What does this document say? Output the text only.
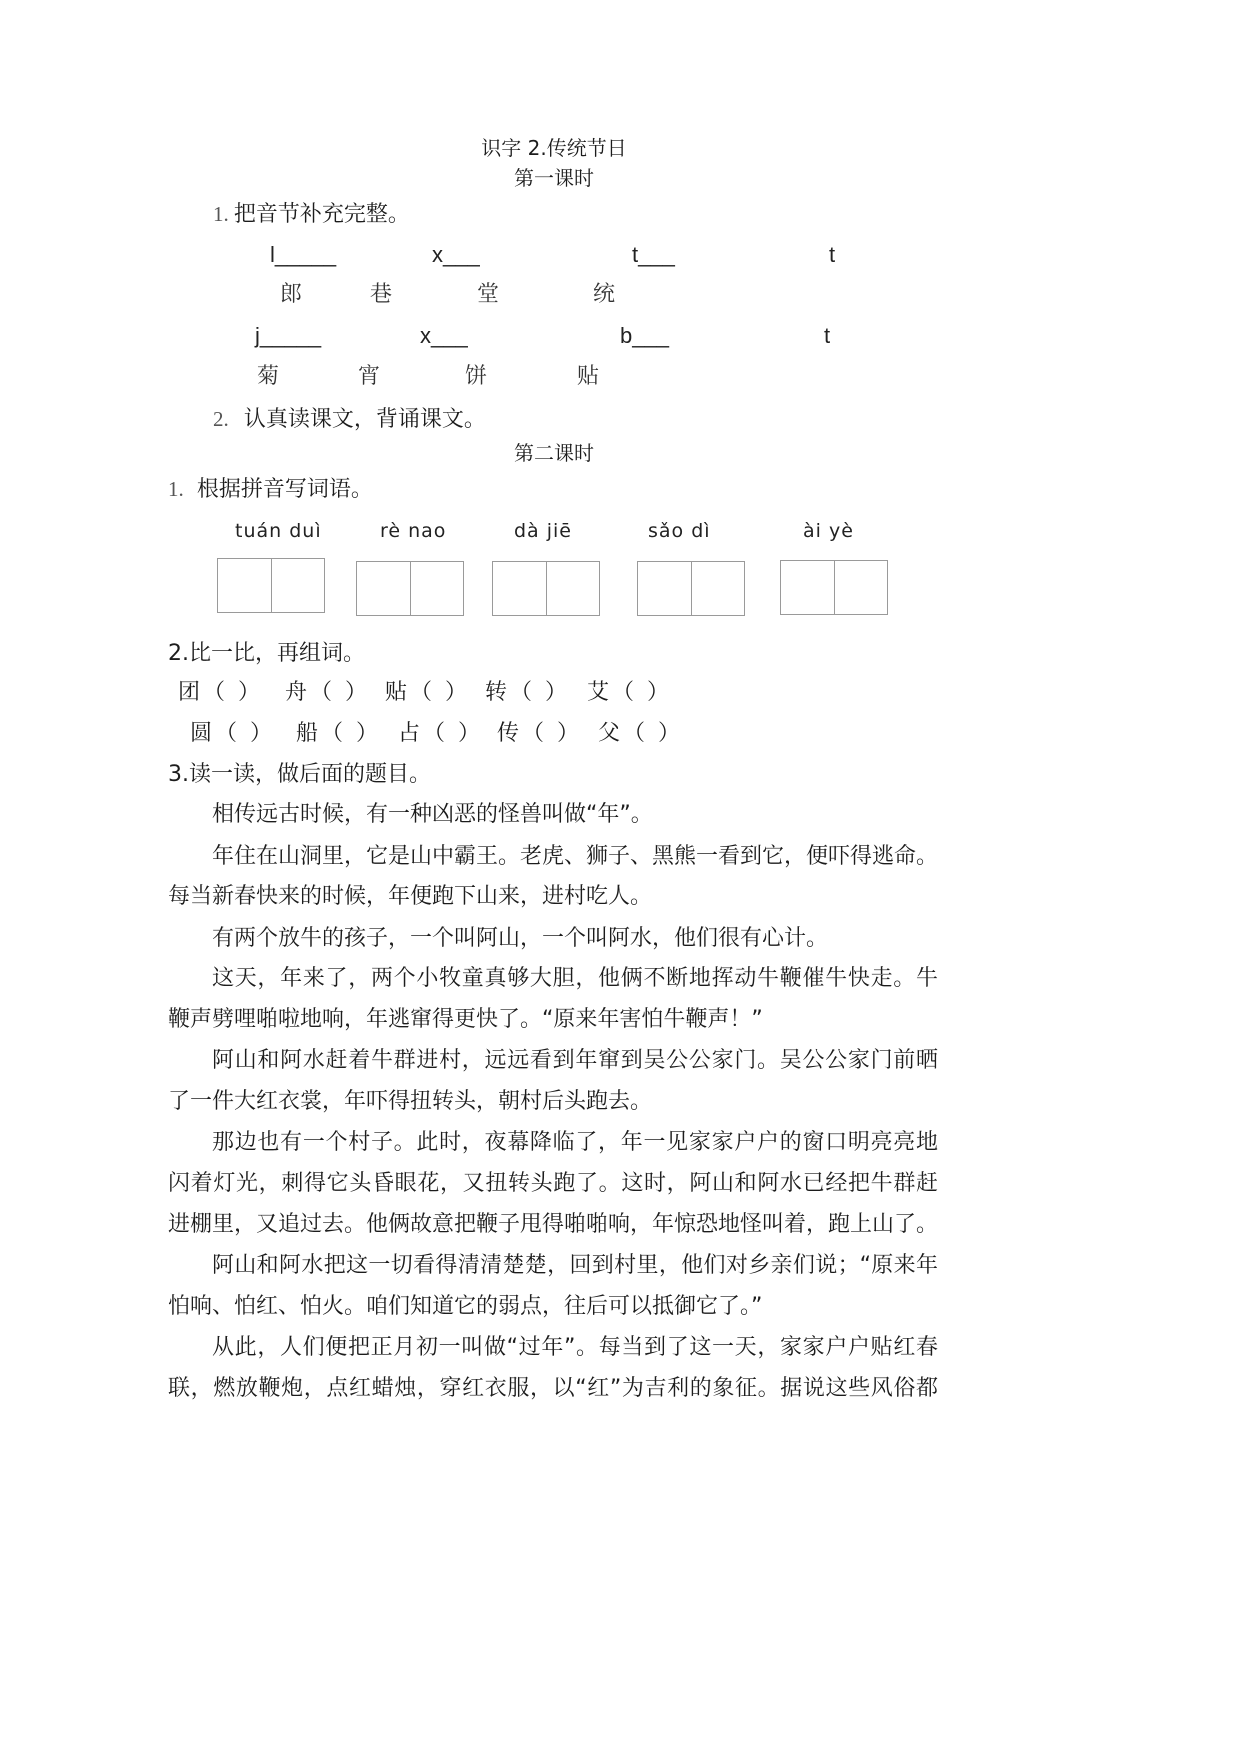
识字 2.传统节日
第一课时
1. 把音节补充完整。
l_____	x___	t___	t
郎	巷	堂	统
j_____	x___	b___	t
菊	宵	饼	贴
2. 认真读课文，背诵课文。
第二课时
1. 根据拼音写词语。
tuán duì	rè nao	dà jiē	sǎo dì	ài yè
2.比一比，再组词。
团（ ） 舟（ ） 贴（ ） 转（ ） 艾（ ）
圆（ ） 船（ ） 占（ ） 传（ ） 父（ ）
3.读一读，做后面的题目。
相传远古时候，有一种凶恶的怪兽叫做“年”。
年住在山洞里，它是山中霸王。老虎、狮子、黑熊一看到它，便吓得逃命。
每当新春快来的时候，年便跑下山来，进村吃人。
有两个放牛的孩子，一个叫阿山，一个叫阿水，他们很有心计。
这天，年来了，两个小牧童真够大胆，他俩不断地挥动牛鞭催牛快走。牛
鞭声劈哩啪啦地响，年逃窜得更快了。“原来年害怕牛鞭声！”
阿山和阿水赶着牛群进村，远远看到年窜到吴公公家门。吴公公家门前晒
了一件大红衣裳，年吓得扭转头，朝村后头跑去。
那边也有一个村子。此时，夜幕降临了，年一见家家户户的窗口明亮亮地
闪着灯光，刺得它头昏眼花，又扭转头跑了。这时，阿山和阿水已经把牛群赶
进棚里，又追过去。他俩故意把鞭子甩得啪啪响，年惊恐地怪叫着，跑上山了。
阿山和阿水把这一切看得清清楚楚，回到村里，他们对乡亲们说；“原来年
怕响、怕红、怕火。咱们知道它的弱点，往后可以抵御它了。”
从此，人们便把正月初一叫做“过年”。每当到了这一天，家家户户贴红春
联，燃放鞭炮，点红蜡烛，穿红衣服，以“红”为吉利的象征。据说这些风俗都
